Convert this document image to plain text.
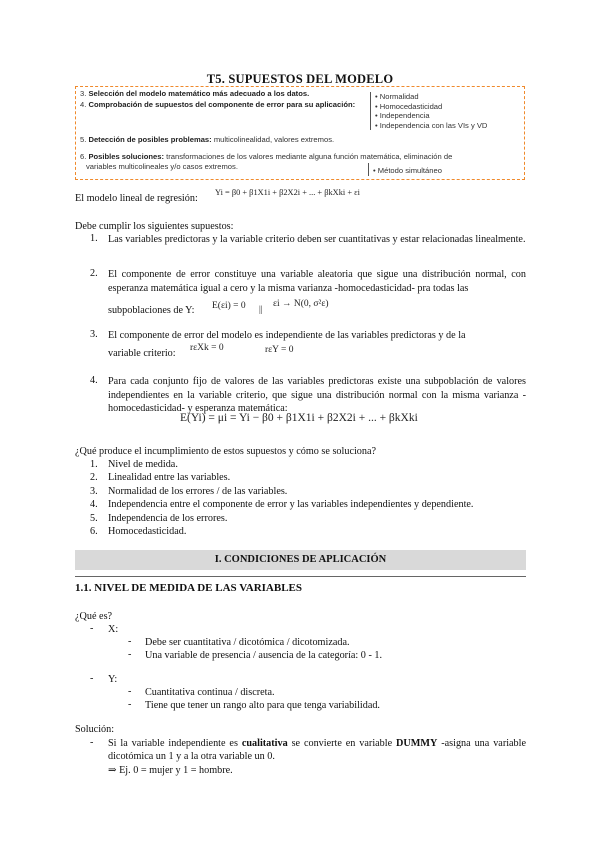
T5. SUPUESTOS DEL MODELO
3. Selección del modelo matemático más adecuado a los datos.
4. Comprobación de supuestos del componente de error para su aplicación:
• Normalidad
• Homocedasticidad
• Independencia
• Independencia con las VIs y VD
5. Detección de posibles problemas: multicolinealidad, valores extremos.
6. Posibles soluciones: transformaciones de los valores mediante alguna función matemática, eliminación de
variables multicolineales y/o casos extremos.	• Método simultáneo
El modelo lineal de regresión:
Yi = β0 + β1X1i + β2X2i + ... + βkXki + εi
Debe cumplir los siguientes supuestos:
1. Las variables predictoras y la variable criterio deben ser cuantitativas y estar relacionadas linealmente.
2. El componente de error constituye una variable aleatoria que sigue una distribución normal, con esperanza matemática igual a cero y la misma varianza -homocedasticidad- pra todas las
subpoblaciones de Y: E(εi) = 0 || εi → N(0, σ²ε)
3. El componente de error del modelo es independiente de las variables predictoras y de la
variable criterio: rεXk = 0	rεY = 0
4. Para cada conjunto fijo de valores de las variables predictoras existe una subpoblación de valores independientes en la variable criterio, que sigue una distribución normal con la misma varianza -homocedasticidad- y esperanza matemática:
E(Yi) = μi = Yi − β0 + β1X1i + β2X2i + ... + βkXki
¿Qué produce el incumplimiento de estos supuestos y cómo se soluciona?
1. Nivel de medida.
2. Linealidad entre las variables.
3. Normalidad de los errores / de las variables.
4. Independencia entre el componente de error y las variables independientes y dependiente.
5. Independencia de los errores.
6. Homocedasticidad.
I. CONDICIONES DE APLICACIÓN
1.1. NIVEL DE MEDIDA DE LAS VARIABLES
¿Qué es?
- X:
- Debe ser cuantitativa / dicotómica / dicotomizada.
- Una variable de presencia / ausencia de la categoría: 0 - 1.
- Y:
- Cuantitativa continua / discreta.
- Tiene que tener un rango alto para que tenga variabilidad.
Solución:
- Si la variable independiente es cualitativa se convierte en variable DUMMY -asigna una variable dicotómica un 1 y a la otra variable un 0.
⇒ Ej. 0 = mujer y 1 = hombre.
